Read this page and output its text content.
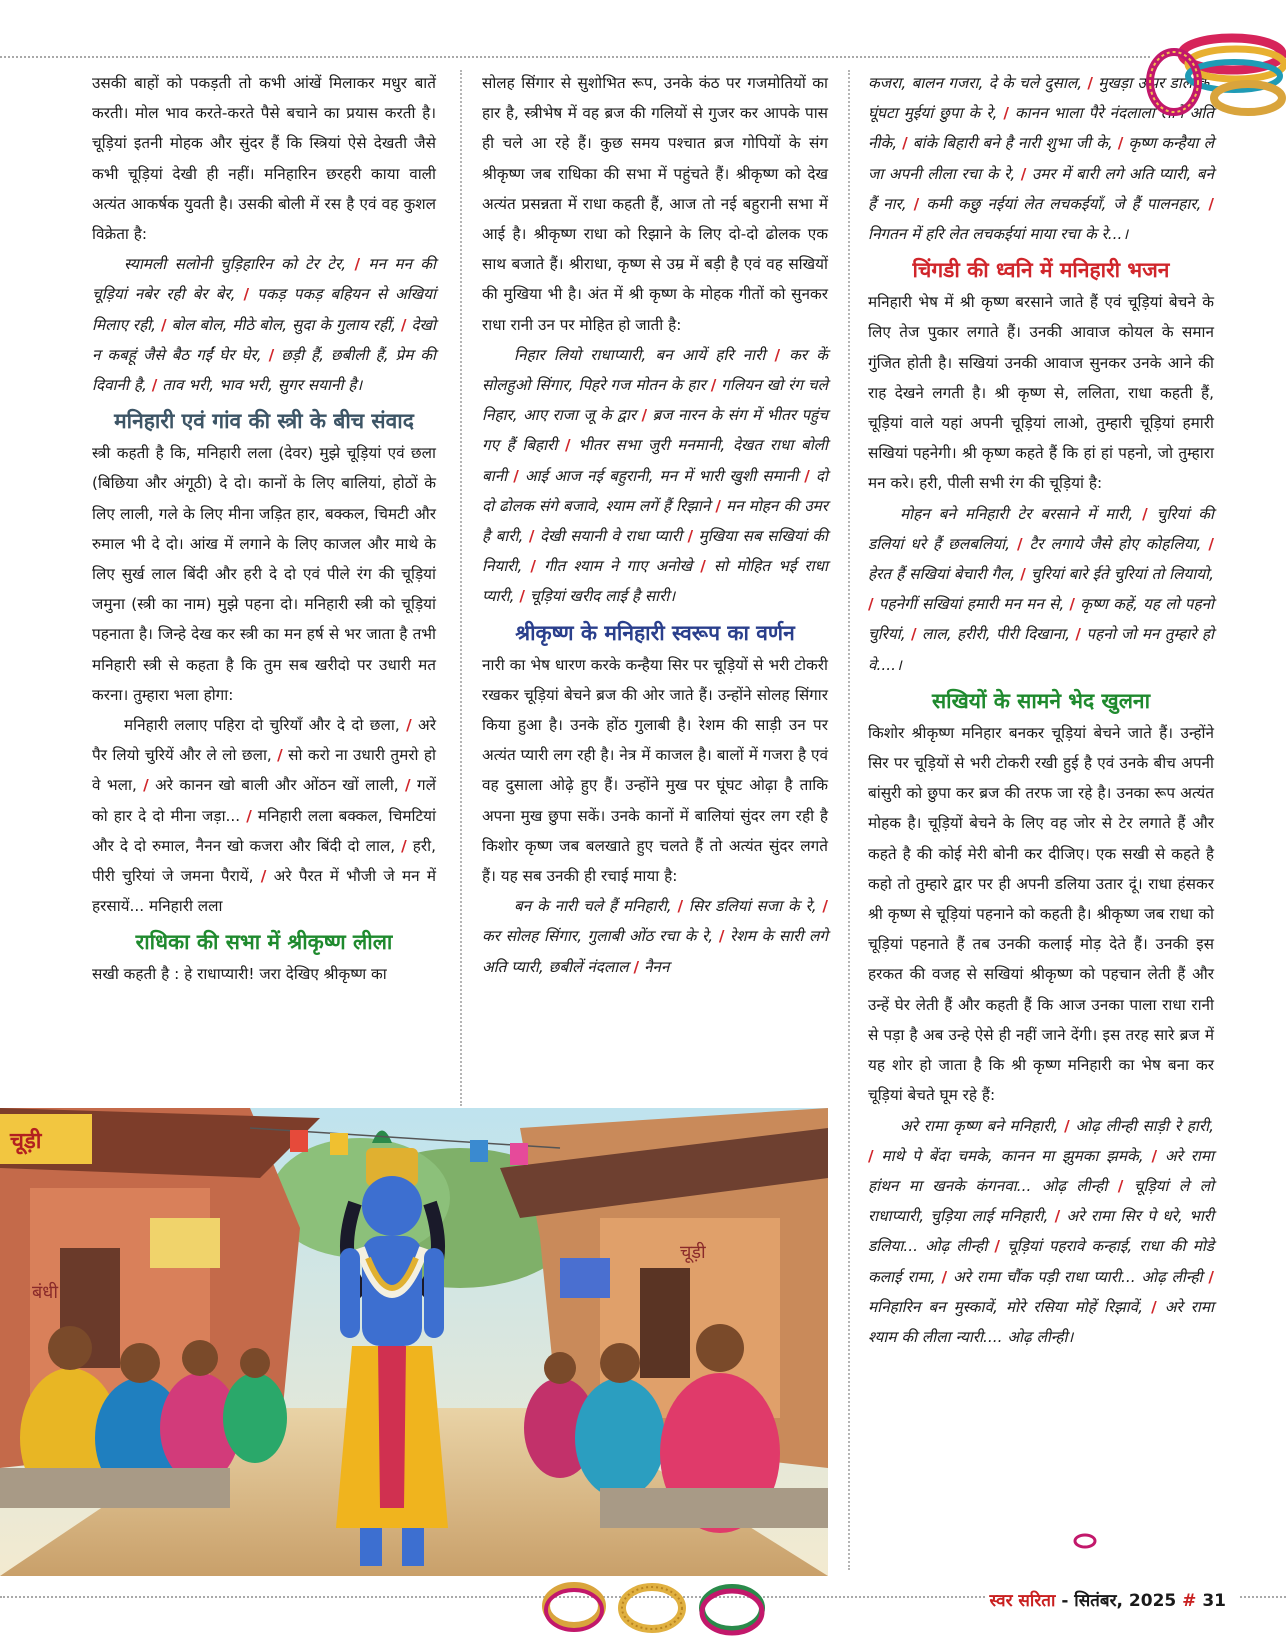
उसकी बाहों को पकड़ती तो कभी आंखें मिलाकर मधुर बातें करती। मोल भाव करते-करते पैसे बचाने का प्रयास करती है। चूड़ियां इतनी मोहक और सुंदर हैं कि स्त्रियां ऐसे देखती जैसे कभी चूड़ियां देखी ही नहीं। मनिहारिन छरहरी काया वाली अत्यंत आकर्षक युवती है। उसकी बोली में रस है एवं वह कुशल विक्रेता है:

स्यामली सलोनी चुड़िहारिन को टेर टेर, / मन मन की चूड़ियां नबेर रही बेर बेर, / पकड़ पकड़ बहियन से अखियां मिलाए रही, / बोल बोल, मीठे बोल, सुदा के गुलाय रहीं, / देखो न कबहूं जैसे बैठ गईं घेर घेर, / छड़ी हैं, छबीली हैं, प्रेम की दिवानी है, / ताव भरी, भाव भरी, सुगर सयानी है।

मनिहारी एवं गांव की स्त्री के बीच संवाद

स्त्री कहती है कि, मनिहारी लला (देवर) मुझे चूड़ियां एवं छला (बिछिया और अंगूठी) दे दो। कानों के लिए बालियां, होठों के लिए लाली, गले के लिए मीना जड़ित हार, बक्कल, चिमटी और रुमाल भी दे दो। आंख में लगाने के लिए काजल और माथे के लिए सुर्ख लाल बिंदी और हरी दे दो एवं पीले रंग की चूड़ियां जमुना (स्त्री का नाम) मुझे पहना दो। मनिहारी स्त्री को चूड़ियां पहनाता है। जिन्हे देख कर स्त्री का मन हर्ष से भर जाता है तभी मनिहारी स्त्री से कहता है कि तुम सब खरीदो पर उधारी मत करना। तुम्हारा भला होगा:

मनिहारी ललाए पहिरा दो चुरियाँ और दे दो छला, / अरे पैर लियो चुरियें और ले लो छला, / सो करो ना उधारी तुमरो हो वे भला, / अरे कानन खो बाली और ओंठन खों लाली, / गलें को हार दे दो मीना जड़ा... / मनिहारी लला बक्कल, चिमटियां और दे दो रुमाल, नैनन खो कजरा और बिंदी दो लाल, / हरी, पीरी चुरियां जे जमना पैरायें, / अरे पैरत में भौजी जे मन में हरसायें... मनिहारी लला

राधिका की सभा में श्रीकृष्ण लीला

सखी कहती है : हे राधाप्यारी! जरा देखिए श्रीकृष्ण का

सोलह सिंगार से सुशोभित रूप, उनके कंठ पर गजमोतियों का हार है, स्त्रीभेष में वह ब्रज की गलियों से गुजर कर आपके पास ही चले आ रहे हैं। कुछ समय पश्चात ब्रज गोपियों के संग श्रीकृष्ण जब राधिका की सभा में पहुंचते हैं। श्रीकृष्ण को देख अत्यंत प्रसन्नता में राधा कहती हैं, आज तो नई बहुरानी सभा में आई है। श्रीकृष्ण राधा को रिझाने के लिए दो-दो ढोलक एक साथ बजाते हैं। श्रीराधा, कृष्ण से उम्र में बड़ी है एवं वह सखियों की मुखिया भी है। अंत में श्री कृष्ण के मोहक गीतों को सुनकर राधा रानी उन पर मोहित हो जाती है:

निहार लियो राधाप्यारी, बन आयें हरि नारी / कर कें सोलहुओ सिंगार, पिहरे गज मोतन के हार / गलियन खो रंग चले निहार, आए राजा जू के द्वार / ब्रज नारन के संग में भीतर पहुंच गए हैं बिहारी / भीतर सभा जुरी मनमानी, देखत राधा बोली बानी / आई आज नई बहुरानी, मन में भारी खुशी समानी / दो दो ढोलक संगे बजावे, श्याम लगें हैं रिझाने / मन मोहन की उमर है बारी, / देखी सयानी वे राधा प्यारी / मुखिया सब सखियां की नियारी, / गीत श्याम ने गाए अनोखे / सो मोहित भई राधा प्यारी, / चूड़ियां खरीद लाई है सारी।

श्रीकृष्ण के मनिहारी स्वरूप का वर्णन

नारी का भेष धारण करके कन्हैया सिर पर चूड़ियों से भरी टोकरी रखकर चूड़ियां बेचने ब्रज की ओर जाते हैं। उन्होंने सोलह सिंगार किया हुआ है। उनके होंठ गुलाबी है। रेशम की साड़ी उन पर अत्यंत प्यारी लग रही है। नेत्र में काजल है। बालों में गजरा है एवं वह दुसाला ओढ़े हुए हैं। उन्होंने मुख पर घूंघट ओढ़ा है ताकि अपना मुख छुपा सकें। उनके कानों में बालियां सुंदर लग रही है किशोर कृष्ण जब बलखाते हुए चलते हैं तो अत्यंत सुंदर लगते हैं। यह सब उनकी ही रचाई माया है:

बन के नारी चले हैं मनिहारी, / सिर डलियां सजा के रे, / कर सोलह सिंगार, गुलाबी ओंठ रचा के रे, / रेशम के सारी लगे अति प्यारी, छबीलें नंदलाल / नैनन

कजरा, बालन गजरा, दे के चले दुसाल, / मुखड़ा ऊपर डाल के, घूंघटा मुईयां छुपा के रे, / कानन भाला पैरे नंदलाला लागे अति नीके, / बांके बिहारी बने है नारी शुभा जी के, / कृष्ण कन्हैया ले जा अपनी लीला रचा के रे, / उमर में बारी लगे अति प्यारी, बने हैं नार, / कमी कछु नईयां लेत लचकईयाँ, जे हैं पालनहार, / निगतन में हरि लेत लचकईयां माया रचा के रे...।

चिंगडी की ध्वनि में मनिहारी भजन

मनिहारी भेष में श्री कृष्ण बरसाने जाते हैं एवं चूड़ियां बेचने के लिए तेज पुकार लगाते हैं। उनकी आवाज कोयल के समान गुंजित होती है। सखियां उनकी आवाज सुनकर उनके आने की राह देखने लगती है। श्री कृष्ण से, ललिता, राधा कहती हैं, चूड़ियां वाले यहां अपनी चूड़ियां लाओ, तुम्हारी चूड़ियां हमारी सखियां पहनेगी। श्री कृष्ण कहते हैं कि हां हां पहनो, जो तुम्हारा मन करे। हरी, पीली सभी रंग की चूड़ियां है:

मोहन बने मनिहारी टेर बरसाने में मारी, / चुरियां की डलियां धरे हैं छलबलियां, / टैर लगाये जैसे होए कोहलिया, / हेरत हैं सखियां बेचारी गैल, / चुरियां बारे ईते चुरियां तो लियायो, / पहनेगीं सखियां हमारी मन मन से, / कृष्ण कहें, यह लो पहनो चुरियां, / लाल, हरीरी, पीरी दिखाना, / पहनो जो मन तुम्हारे हो वे....।

सखियों के सामने भेद खुलना

किशोर श्रीकृष्ण मनिहार बनकर चूड़ियां बेचने जाते हैं। उन्होंने सिर पर चूड़ियों से भरी टोकरी रखी हुई है एवं उनके बीच अपनी बांसुरी को छुपा कर ब्रज की तरफ जा रहे है। उनका रूप अत्यंत मोहक है। चूड़ियों बेचने के लिए वह जोर से टेर लगाते हैं और कहते है की कोई मेरी बोनी कर दीजिए। एक सखी से कहते है कहो तो तुम्हारे द्वार पर ही अपनी डलिया उतार दूं। राधा हंसकर श्री कृष्ण से चूड़ियां पहनाने को कहती है। श्रीकृष्ण जब राधा को चूड़ियां पहनाते हैं तब उनकी कलाई मोड़ देते हैं। उनकी इस हरकत की वजह से सखियां श्रीकृष्ण को पहचान लेती हैं और उन्हें घेर लेती हैं और कहती हैं कि आज उनका पाला राधा रानी से पड़ा है अब उन्हे ऐसे ही नहीं जाने देंगी। इस तरह सारे ब्रज में यह शोर हो जाता है कि श्री कृष्ण मनिहारी का भेष बना कर चूड़ियां बेचते घूम रहे हैं:

अरे रामा कृष्ण बने मनिहारी, / ओढ़ लीन्ही साड़ी रे हारी, / माथे पे बेंदा चमके, कानन मा झुमका झमके, / अरे रामा हांथन मा खनके कंगनवा... ओढ़ लीन्ही / चूड़ियां ले लो राधाप्यारी, चुड़िया लाई मनिहारी, / अरे रामा सिर पे धरे, भारी डलिया... ओढ़ लीन्ही / चूड़ियां पहरावे कन्हाई, राधा की मोडे कलाई रामा, / अरे रामा चौंक पड़ी राधा प्यारी... ओढ़ लीन्ही / मनिहारिन बन मुस्कावें, मोरे रसिया मोहें रिझावें, / अरे रामा श्याम की लीला न्यारी.... ओढ़ लीन्ही।

चूड़ी
बंधी
चूड़ी
स्वर सरिता - सितंबर, 2025 # 31
